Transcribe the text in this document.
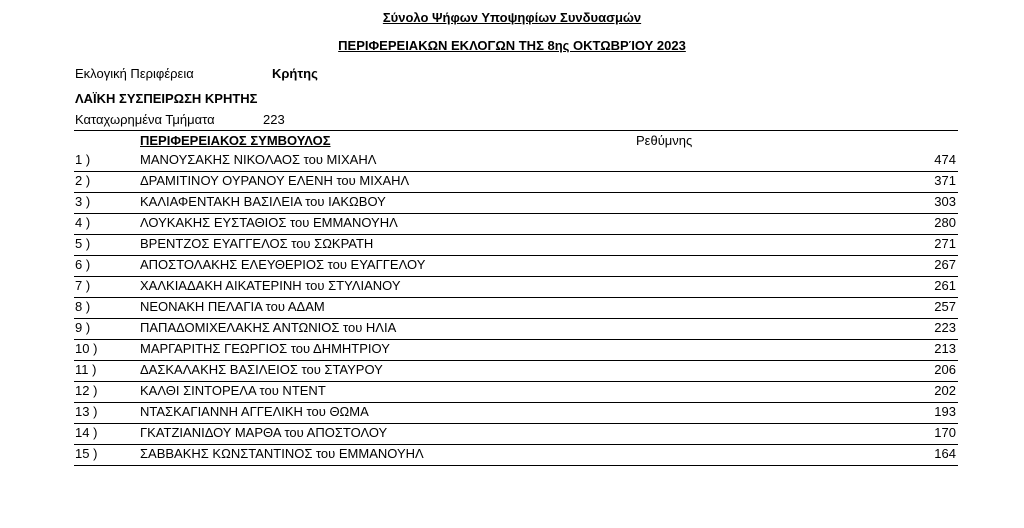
Σύνολο Ψήφων Υποψηφίων Συνδυασμών
ΠΕΡΙΦΕΡΕΙΑΚΩΝ ΕΚΛΟΓΩΝ ΤΗΣ 8ης ΟΚΤΩΒΡΊΟΥ 2023
Εκλογική Περιφέρεια	Κρήτης
ΛΑΪΚΗ ΣΥΣΠΕΙΡΩΣΗ ΚΡΗΤΗΣ
Καταχωρημένα Τμήματα	223
ΠΕΡΙΦΕΡΕΙΑΚΟΣ ΣΥΜΒΟΥΛΟΣ	Ρεθύμνης
1 )	ΜΑΝΟΥΣΑΚΗΣ ΝΙΚΟΛΑΟΣ του ΜΙΧΑΗΛ	474
2 )	ΔΡΑΜΙΤΙΝΟΥ ΟΥΡΑΝΟΥ ΕΛΕΝΗ του ΜΙΧΑΗΛ	371
3 )	ΚΑΛΙΑΦΕΝΤΑΚΗ ΒΑΣΙΛΕΙΑ του ΙΑΚΩΒΟΥ	303
4 )	ΛΟΥΚΑΚΗΣ ΕΥΣΤΑΘΙΟΣ του ΕΜΜΑΝΟΥΗΛ	280
5 )	ΒΡΕΝΤΖΟΣ ΕΥΑΓΓΕΛΟΣ του ΣΩΚΡΑΤΗ	271
6 )	ΑΠΟΣΤΟΛΑΚΗΣ ΕΛΕΥΘΕΡΙΟΣ του ΕΥΑΓΓΕΛΟΥ	267
7 )	ΧΑΛΚΙΑΔΑΚΗ ΑΙΚΑΤΕΡΙΝΗ του ΣΤΥΛΙΑΝΟΥ	261
8 )	ΝΕΟΝΑΚΗ ΠΕΛΑΓΙΑ του ΑΔΑΜ	257
9 )	ΠΑΠΑΔΟΜΙΧΕΛΑΚΗΣ ΑΝΤΩΝΙΟΣ του ΗΛΙΑ	223
10 )	ΜΑΡΓΑΡΙΤΗΣ ΓΕΩΡΓΙΟΣ του ΔΗΜΗΤΡΙΟΥ	213
11 )	ΔΑΣΚΑΛΑΚΗΣ ΒΑΣΙΛΕΙΟΣ του ΣΤΑΥΡΟΥ	206
12 )	ΚΑΛΘΙ ΣΙΝΤΟΡΕΛΑ του ΝΤΕΝΤ	202
13 )	ΝΤΑΣΚΑΓΙΑΝΝΗ ΑΓΓΕΛΙΚΗ του ΘΩΜΑ	193
14 )	ΓΚΑΤΖΙΑΝΙΔΟΥ ΜΑΡΘΑ του ΑΠΟΣΤΟΛΟΥ	170
15 )	ΣΑΒΒΑΚΗΣ ΚΩΝΣΤΑΝΤΙΝΟΣ του ΕΜΜΑΝΟΥΗΛ	164
